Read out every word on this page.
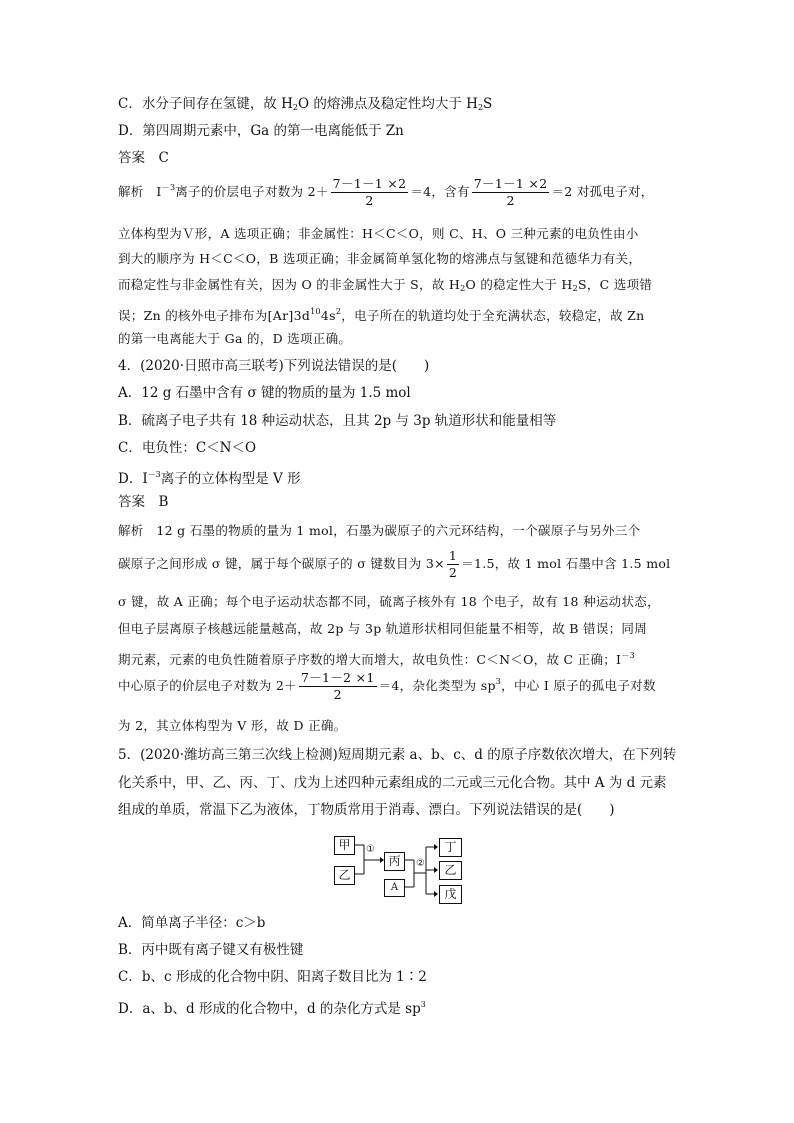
C．水分子间存在氢键，故 $H_2O$ 的熔沸点及稳定性均大于 $H_2S$
D．第四周期元素中，Ga 的第一电离能低于 Zn
答案　C
解析　$I^{-3}$离子的价层电子对数为 $2+ \frac{7-1-1 \times 2}{2} =4$，含有 $\frac{7-1-1 \times 2}{2} =2$ 对孤电子对，
立体构型为Ｖ形，A 选项正确；非金属性：H＜C＜O，则 C、H、O 三种元素的电负性由小
到大的顺序为 H＜C＜O，B 选项正确；非金属简单氢化物的熔沸点与氢键和范德华力有关，
而稳定性与非金属性有关，因为 O 的非金属性大于 S，故 $H_2O$ 的稳定性大于 $H_2S$，C 选项错
误；Zn 的核外电子排布为$[Ar]3d^{10}4s^2$，电子所在的轨道均处于全充满状态，较稳定，故 Zn
的第一电离能大于 Ga 的，D 选项正确。
4．(2020·日照市高三联考)下列说法错误的是(　　)
A．12 g 石墨中含有 σ 键的物质的量为 1.5 mol
B．硫离子电子共有 18 种运动状态，且其 2p 与 3p 轨道形状和能量相等
C．电负性：C＜N＜O
D．$I^{-3}$离子的立体构型是 V 形
答案　B
解析　12 g 石墨的物质的量为 1 mol，石墨为碳原子的六元环结构，一个碳原子与另外三个
碳原子之间形成 σ 键，属于每个碳原子的 σ 键数目为 $3\times \frac{1}{2} =1.5$，故 1 mol 石墨中含 1.5 mol
σ 键，故 A 正确；每个电子运动状态都不同，硫离子核外有 18 个电子，故有 18 种运动状态，
但电子层离原子核越远能量越高，故 2p 与 3p 轨道形状相同但能量不相等，故 B 错误；同周
期元素，元素的电负性随着原子序数的增大而增大，故电负性：C＜N＜O，故 C 正确；$I^{-3}$
中心原子的价层电子对数为 $2+ \frac{7-1-2 \times 1}{2} =4$，杂化类型为 $sp^3$，中心 I 原子的孤电子对数
为 2，其立体构型为 V 形，故 D 正确。
5．(2020·潍坊高三第三次线上检测)短周期元素 a、b、c、d 的原子序数依次增大，在下列转
化关系中，甲、乙、丙、丁、戊为上述四种元素组成的二元或三元化合物。其中 A 为 d 元素
组成的单质，常温下乙为液体，丁物质常用于消毒、漂白。下列说法错误的是(　　)
甲
乙
①
丙
A
②
丁
乙
戊
A．简单离子半径：c＞b
B．丙中既有离子键又有极性键
C．b、c 形成的化合物中阴、阳离子数目比为 1∶2
D．a、b、d 形成的化合物中，d 的杂化方式是 $sp^3$
